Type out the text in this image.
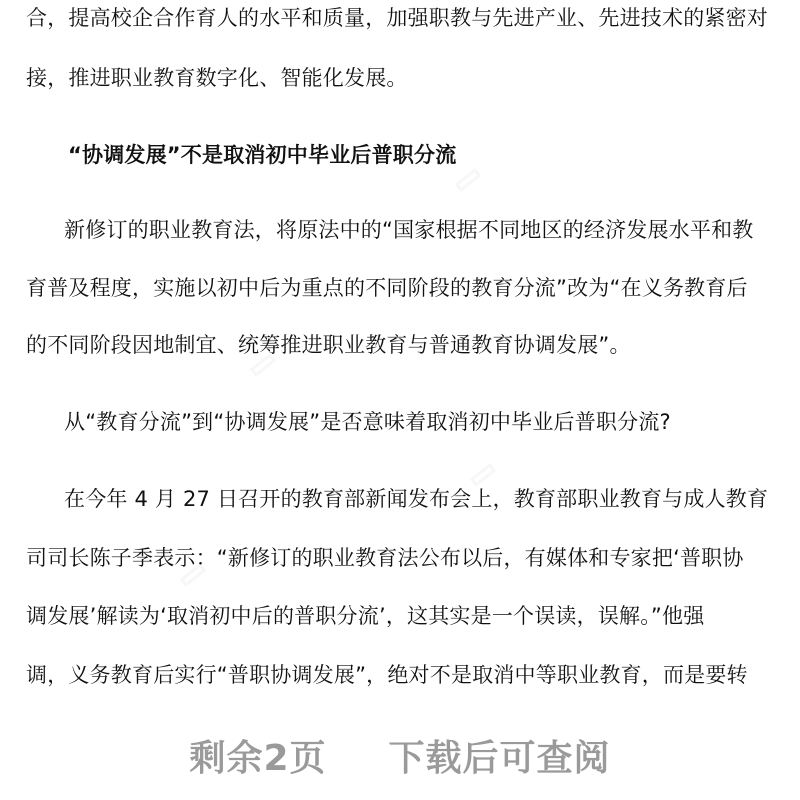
合，提高校企合作育人的水平和质量，加强职教与先进产业、先进技术的紧密对
接，推进职业教育数字化、智能化发展。
“协调发展”不是取消初中毕业后普职分流
新修订的职业教育法，将原法中的“国家根据不同地区的经济发展水平和教
育普及程度，实施以初中后为重点的不同阶段的教育分流”改为“在义务教育后
的不同阶段因地制宜、统筹推进职业教育与普通教育协调发展”。
从“教育分流”到“协调发展”是否意味着取消初中毕业后普职分流?
在今年 4 月 27 日召开的教育部新闻发布会上，教育部职业教育与成人教育
司司长陈子季表示：“新修订的职业教育法公布以后，有媒体和专家把‘普职协
调发展’解读为‘取消初中后的普职分流’，这其实是一个误读，误解。”他强
调，义务教育后实行“普职协调发展”，绝对不是取消中等职业教育，而是要转
剩余2页 下载后可查阅
